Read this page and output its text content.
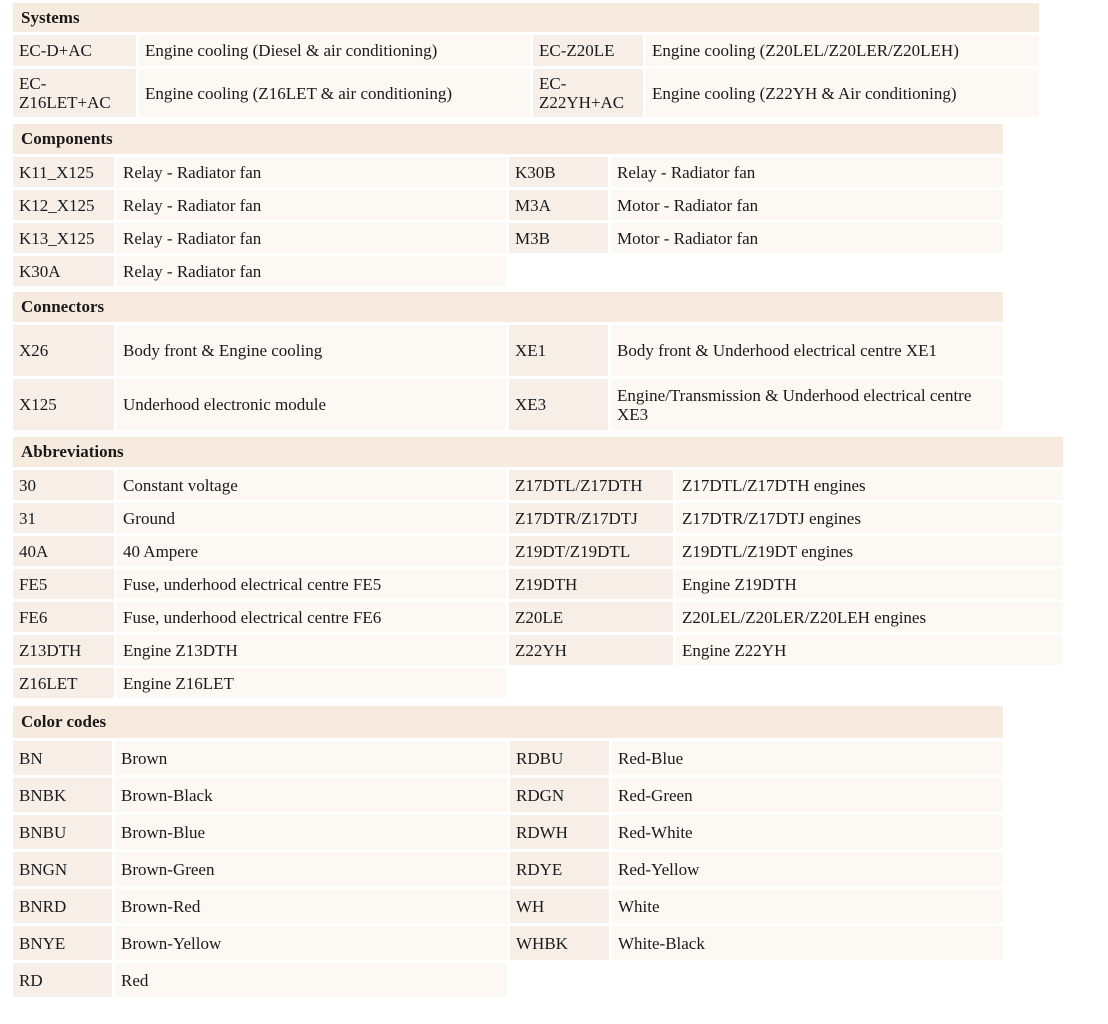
Systems
EC-D+AC	Engine cooling (Diesel & air conditioning)	EC-Z20LE	Engine cooling (Z20LEL/Z20LER/Z20LEH)
EC-Z16LET+AC	Engine cooling (Z16LET & air conditioning)	EC-Z22YH+AC	Engine cooling (Z22YH & Air conditioning)
Components
K11_X125	Relay - Radiator fan	K30B	Relay - Radiator fan
K12_X125	Relay - Radiator fan	M3A	Motor - Radiator fan
K13_X125	Relay - Radiator fan	M3B	Motor - Radiator fan
K30A	Relay - Radiator fan
Connectors
X26	Body front & Engine cooling	XE1	Body front & Underhood electrical centre XE1
X125	Underhood electronic module	XE3	Engine/Transmission & Underhood electrical centre XE3
Abbreviations
30	Constant voltage	Z17DTL/Z17DTH	Z17DTL/Z17DTH engines
31	Ground	Z17DTR/Z17DTJ	Z17DTR/Z17DTJ engines
40A	40 Ampere	Z19DT/Z19DTL	Z19DTL/Z19DT engines
FE5	Fuse, underhood electrical centre FE5	Z19DTH	Engine Z19DTH
FE6	Fuse, underhood electrical centre FE6	Z20LE	Z20LEL/Z20LER/Z20LEH engines
Z13DTH	Engine Z13DTH	Z22YH	Engine Z22YH
Z16LET	Engine Z16LET
Color codes
BN	Brown	RDBU	Red-Blue
BNBK	Brown-Black	RDGN	Red-Green
BNBU	Brown-Blue	RDWH	Red-White
BNGN	Brown-Green	RDYE	Red-Yellow
BNRD	Brown-Red	WH	White
BNYE	Brown-Yellow	WHBK	White-Black
RD	Red
